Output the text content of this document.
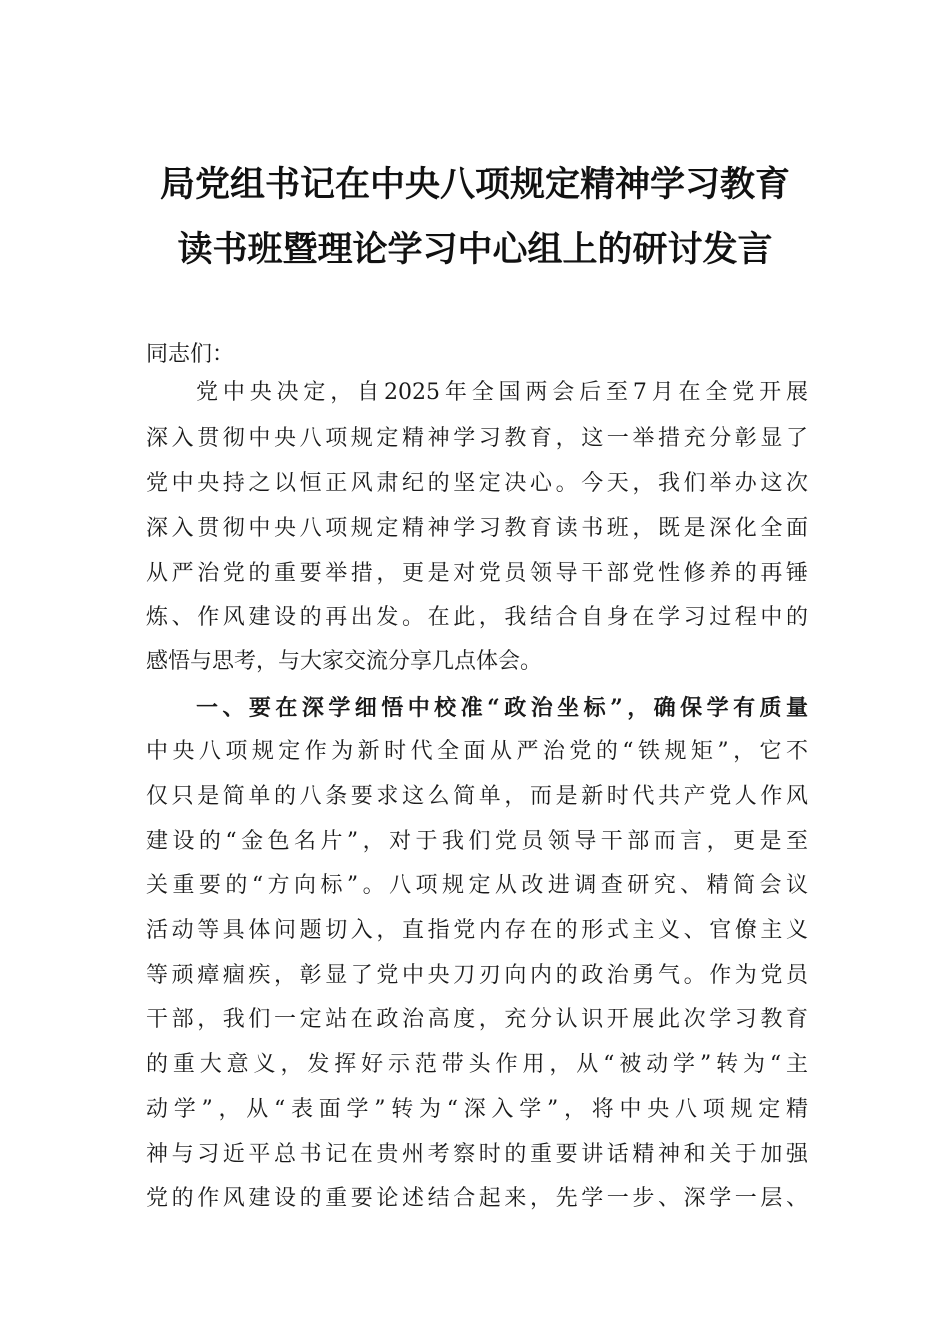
局党组书记在中央八项规定精神学习教育
读书班暨理论学习中心组上的研讨发言
同志们：
党中央决定，自2025年全国两会后至7月在全党开展
深入贯彻中央八项规定精神学习教育，这一举措充分彰显了
党中央持之以恒正风肃纪的坚定决心。今天，我们举办这次
深入贯彻中央八项规定精神学习教育读书班，既是深化全面
从严治党的重要举措，更是对党员领导干部党性修养的再锤
炼、作风建设的再出发。在此，我结合自身在学习过程中的
感悟与思考，与大家交流分享几点体会。
一、要在深学细悟中校准“政治坐标”，确保学有质量
中央八项规定作为新时代全面从严治党的“铁规矩”，它不
仅只是简单的八条要求这么简单，而是新时代共产党人作风
建设的“金色名片”，对于我们党员领导干部而言，更是至
关重要的“方向标”。八项规定从改进调查研究、精简会议
活动等具体问题切入，直指党内存在的形式主义、官僚主义
等顽瘴痼疾，彰显了党中央刀刃向内的政治勇气。作为党员
干部，我们一定站在政治高度，充分认识开展此次学习教育
的重大意义，发挥好示范带头作用，从“被动学”转为“主
动学”，从“表面学”转为“深入学”，将中央八项规定精
神与习近平总书记在贵州考察时的重要讲话精神和关于加强
党的作风建设的重要论述结合起来，先学一步、深学一层、
